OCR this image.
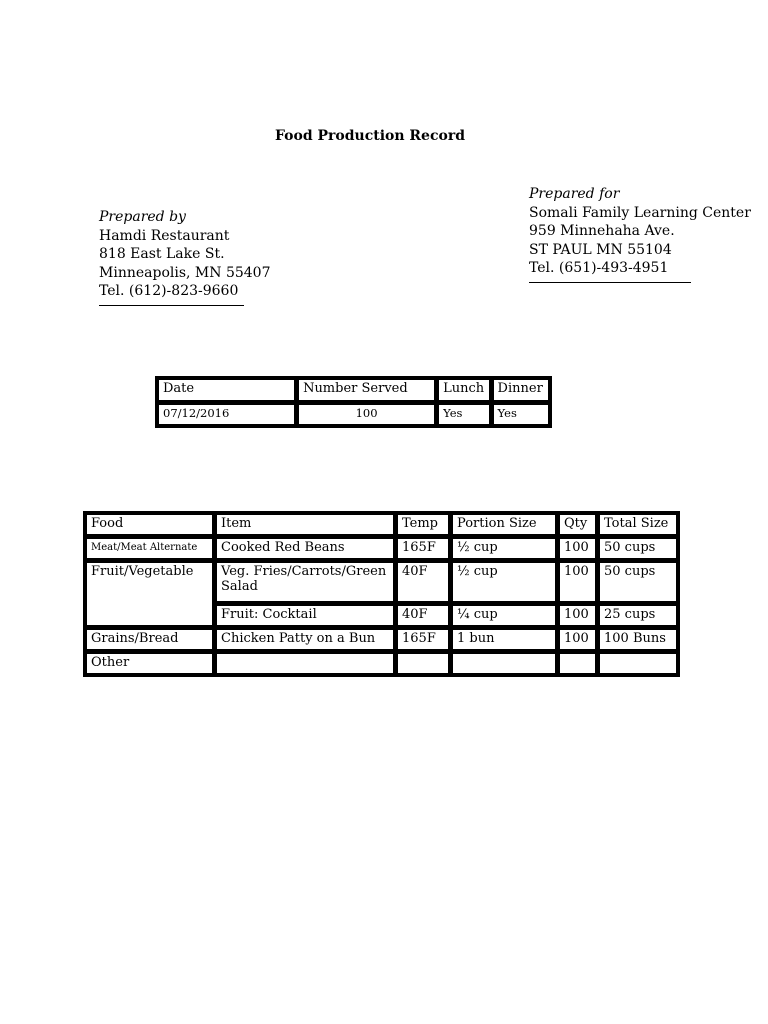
Food Production Record
Prepared by
Hamdi Restaurant
818 East Lake St.
Minneapolis, MN 55407
Tel. (612)-823-9660
Prepared for
Somali Family Learning Center
959 Minnehaha Ave.
ST PAUL MN 55104
Tel. (651)-493-4951
Date	Number Served	Lunch	Dinner
07/12/2016	100	Yes	Yes
Food	Item	Temp	Portion Size	Qty	Total Size
Meat/Meat Alternate	Cooked Red Beans	165F	½ cup	100	50 cups
Fruit/Vegetable	Veg. Fries/Carrots/Green Salad	40F	½ cup	100	50 cups
	Fruit: Cocktail	40F	¼ cup	100	25 cups
Grains/Bread	Chicken Patty on a Bun	165F	1 bun	100	100 Buns
Other					
